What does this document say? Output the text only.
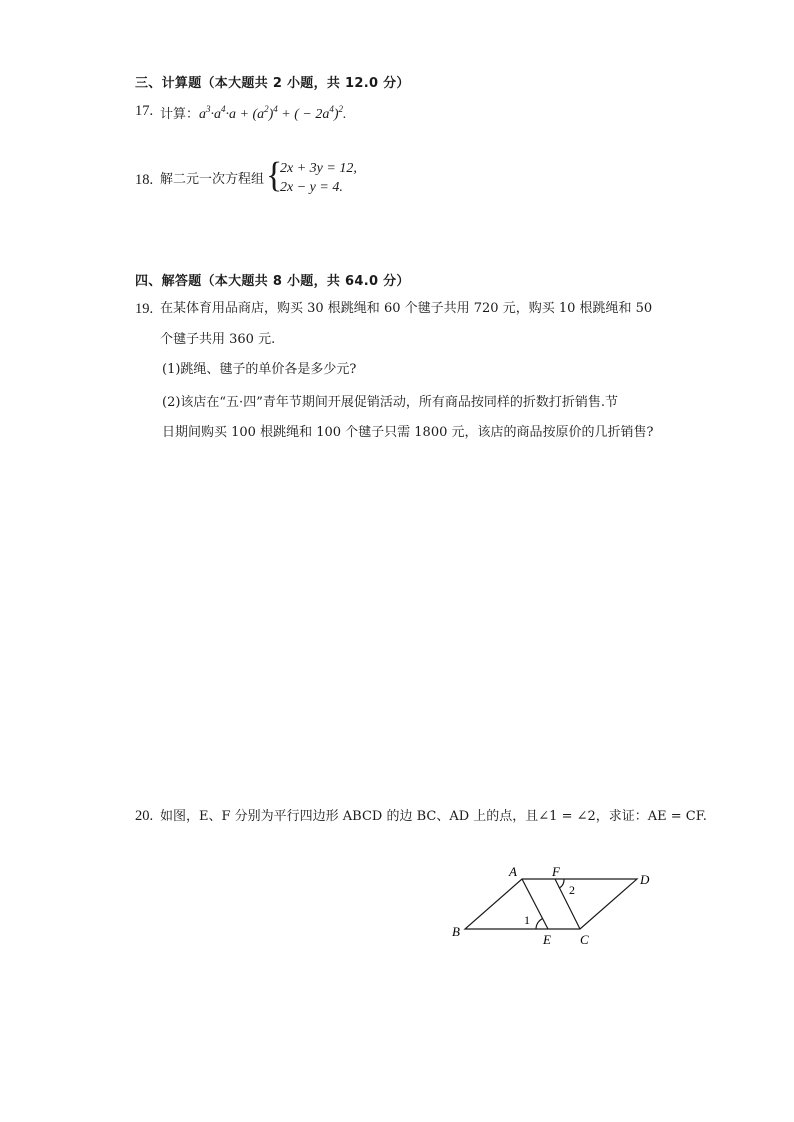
三、计算题（本大题共 2 小题，共 12.0 分）
17. 计算：$a^3\cdot a^4\cdot a + (a^2)^4$ + ( − $2a^4)^2$.
18. 解二元一次方程组 {
2x + 3y = 12,
2x − y = 4.
四、解答题（本大题共 8 小题，共 64.0 分）
19. 在某体育用品商店，购买 30 根跳绳和 60 个毽子共用 720 元，购买 10 根跳绳和 50
个毽子共用 360 元.
(1)跳绳、毽子的单价各是多少元?
(2)该店在“五·四”青年节期间开展促销活动，所有商品按同样的折数打折销售.节
日期间购买 100 根跳绳和 100 个毽子只需 1800 元，该店的商品按原价的几折销售?
20. 如图，E、F 分别为平行四边形 ABCD 的边 BC、AD 上的点，且∠1 = ∠2，求证：AE = CF.
A	F
D
B
E C
1
2
